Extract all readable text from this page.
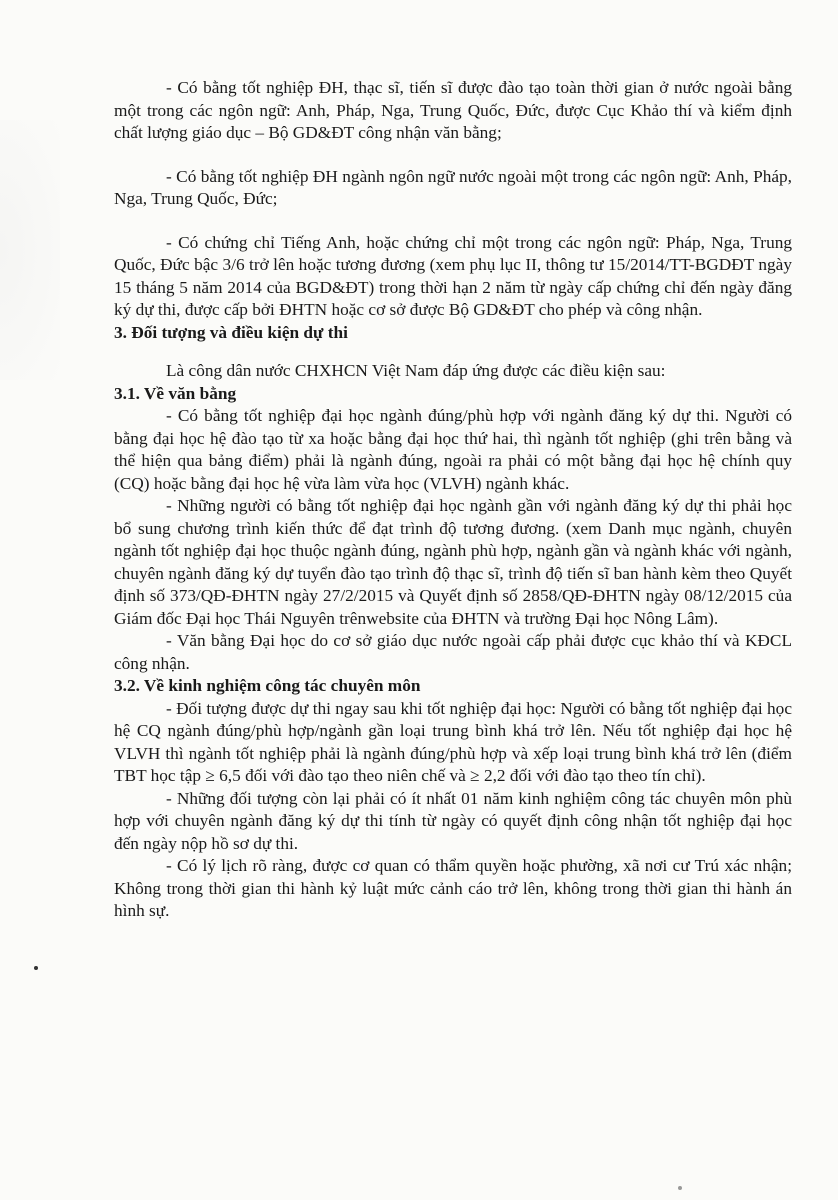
- Có bằng tốt nghiệp ĐH, thạc sĩ, tiến sĩ được đào tạo toàn thời gian ở nước ngoài bằng một trong các ngôn ngữ: Anh, Pháp, Nga, Trung Quốc, Đức, được Cục Khảo thí và kiểm định chất lượng giáo dục – Bộ GD&ĐT công nhận văn bằng;

- Có bằng tốt nghiệp ĐH ngành ngôn ngữ nước ngoài một trong các ngôn ngữ: Anh, Pháp, Nga, Trung Quốc, Đức;

- Có chứng chỉ Tiếng Anh, hoặc chứng chỉ một trong các ngôn ngữ: Pháp, Nga, Trung Quốc, Đức bậc 3/6 trở lên hoặc tương đương (xem phụ lục II, thông tư 15/2014/TT-BGDĐT ngày 15 tháng 5 năm 2014 của BGD&ĐT) trong thời hạn 2 năm từ ngày cấp chứng chỉ đến ngày đăng ký dự thi, được cấp bởi ĐHTN hoặc cơ sở được Bộ GD&ĐT cho phép và công nhận.

3. Đối tượng và điều kiện dự thi

Là công dân nước CHXHCN Việt Nam đáp ứng được các điều kiện sau:

3.1. Về văn bằng

- Có bằng tốt nghiệp đại học ngành đúng/phù hợp với ngành đăng ký dự thi. Người có bằng đại học hệ đào tạo từ xa hoặc bằng đại học thứ hai, thì ngành tốt nghiệp (ghi trên bằng và thể hiện qua bảng điểm) phải là ngành đúng, ngoài ra phải có một bằng đại học hệ chính quy (CQ) hoặc bằng đại học hệ vừa làm vừa học (VLVH) ngành khác.

- Những người có bằng tốt nghiệp đại học ngành gần với ngành đăng ký dự thi phải học bổ sung chương trình kiến thức để đạt trình độ tương đương. (xem Danh mục ngành, chuyên ngành tốt nghiệp đại học thuộc ngành đúng, ngành phù hợp, ngành gần và ngành khác với ngành, chuyên ngành đăng ký dự tuyển đào tạo trình độ thạc sĩ, trình độ tiến sĩ ban hành kèm theo Quyết định số 373/QĐ-ĐHTN ngày 27/2/2015 và Quyết định số 2858/QĐ-ĐHTN ngày 08/12/2015 của Giám đốc Đại học Thái Nguyên trênwebsite của ĐHTN và trường Đại học Nông Lâm).

- Văn bằng Đại học do cơ sở giáo dục nước ngoài cấp phải được cục khảo thí và KĐCL công nhận.

3.2. Về kinh nghiệm công tác chuyên môn

- Đối tượng được dự thi ngay sau khi tốt nghiệp đại học: Người có bằng tốt nghiệp đại học hệ CQ ngành đúng/phù hợp/ngành gần loại trung bình khá trở lên. Nếu tốt nghiệp đại học hệ VLVH thì ngành tốt nghiệp phải là ngành đúng/phù hợp và xếp loại trung bình khá trở lên (điểm TBT học tập ≥ 6,5 đối với đào tạo theo niên chế và ≥ 2,2 đối với đào tạo theo tín chỉ).

- Những đối tượng còn lại phải có ít nhất 01 năm kinh nghiệm công tác chuyên môn phù hợp với chuyên ngành đăng ký dự thi tính từ ngày có quyết định công nhận tốt nghiệp đại học đến ngày nộp hồ sơ dự thi.

- Có lý lịch rõ ràng, được cơ quan có thẩm quyền hoặc phường, xã nơi cư Trú xác nhận; Không trong thời gian thi hành kỷ luật mức cảnh cáo trở lên, không trong thời gian thi hành án hình sự.
